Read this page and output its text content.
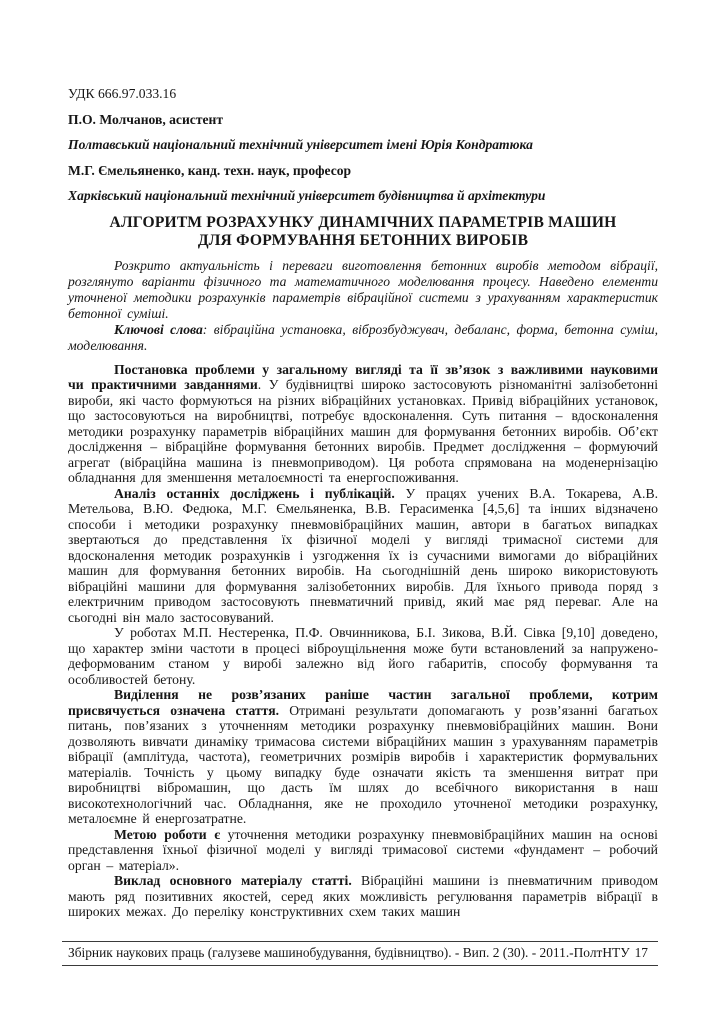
УДК 666.97.033.16
П.О. Молчанов, асистент
Полтавський національний технічний університет імені Юрія Кондратюка
М.Г. Ємельяненко, канд. техн. наук, професор
Харківський національний технічний університет будівництва й архітектури
АЛГОРИТМ РОЗРАХУНКУ ДИНАМІЧНИХ ПАРАМЕТРІВ МАШИН
ДЛЯ ФОРМУВАННЯ БЕТОННИХ ВИРОБІВ

Розкрито актуальність і переваги виготовлення бетонних виробів методом вібрації, розглянуто варіанти фізичного та математичного моделювання процесу. Наведено елементи уточненої методики розрахунків параметрів вібраційної системи з урахуванням характеристик бетонної суміші.

Ключові слова: вібраційна установка, віброзбуджувач, дебаланс, форма, бетонна суміш, моделювання.

Постановка проблеми у загальному вигляді та її зв’язок з важливими науковими чи практичними завданнями. У будівництві широко застосовують різноманітні залізобетонні вироби, які часто формуються на різних вібраційних установках. Привід вібраційних установок, що застосовуються на виробництві, потребує вдосконалення. Суть питання – вдосконалення методики розрахунку параметрів вібраційних машин для формування бетонних виробів. Об’єкт дослідження – вібраційне формування бетонних виробів. Предмет дослідження – формуючий агрегат (вібраційна машина із пневмоприводом). Ця робота спрямована на моденернізацію обладнання для зменшення металоємності та енергоспоживання.

Аналіз останніх досліджень і публікацій. У працях учених В.А. Токарева, А.В. Метельова, В.Ю. Федюка, М.Г. Ємельяненка, В.В. Герасименка [4,5,6] та інших відзначено способи і методики розрахунку пневмовібраційних машин, автори в багатьох випадках звертаються до представлення їх фізичної моделі у вигляді тримасної системи для вдосконалення методик розрахунків і узгодження їх із сучасними вимогами до вібраційних машин для формування бетонних виробів. На сьогоднішній день широко використовують вібраційні машини для формування залізобетонних виробів. Для їхнього привода поряд з електричним приводом застосовують пневматичний привід, який має ряд переваг. Але на сьогодні він мало застосовуваний.

У роботах М.П. Нестеренка, П.Ф. Овчинникова, Б.І. Зикова, В.Й. Сівка [9,10] доведено, що характер зміни частоти в процесі віброущільнення може бути встановлений за напружено-деформованим станом у виробі залежно від його габаритів, способу формування та особливостей бетону.

Виділення не розв’язаних раніше частин загальної проблеми, котрим присвячується означена стаття. Отримані результати допомагають у розв’язанні багатьох питань, пов’язаних з уточненням методики розрахунку пневмовібраційних машин. Вони дозволяють вивчати динаміку тримасова системи вібраційних машин з урахуванням параметрів вібрації (амплітуда, частота), геометричних розмірів виробів і характеристик формувальних матеріалів. Точність у цьому випадку буде означати якість та зменшення витрат при виробництві вібромашин, що дасть їм шлях до всебічного використання в наш високотехнологічний час. Обладнання, яке не проходило уточненої методики розрахунку, металоємне й енергозатратне.

Метою роботи є уточнення методики розрахунку пневмовібраційних машин на основі представлення їхньої фізичної моделі у вигляді тримасової системи «фундамент – робочий орган – матеріал».

Виклад основного матеріалу статті. Вібраційні машини із пневматичним приводом мають ряд позитивних якостей, серед яких можливість регулювання параметрів вібрації в широких межах. До переліку конструктивних схем таких машин

Збірник наукових праць (галузеве машинобудування, будівництво). - Вип. 2 (30). - 2011.-ПолтНТУ 17
